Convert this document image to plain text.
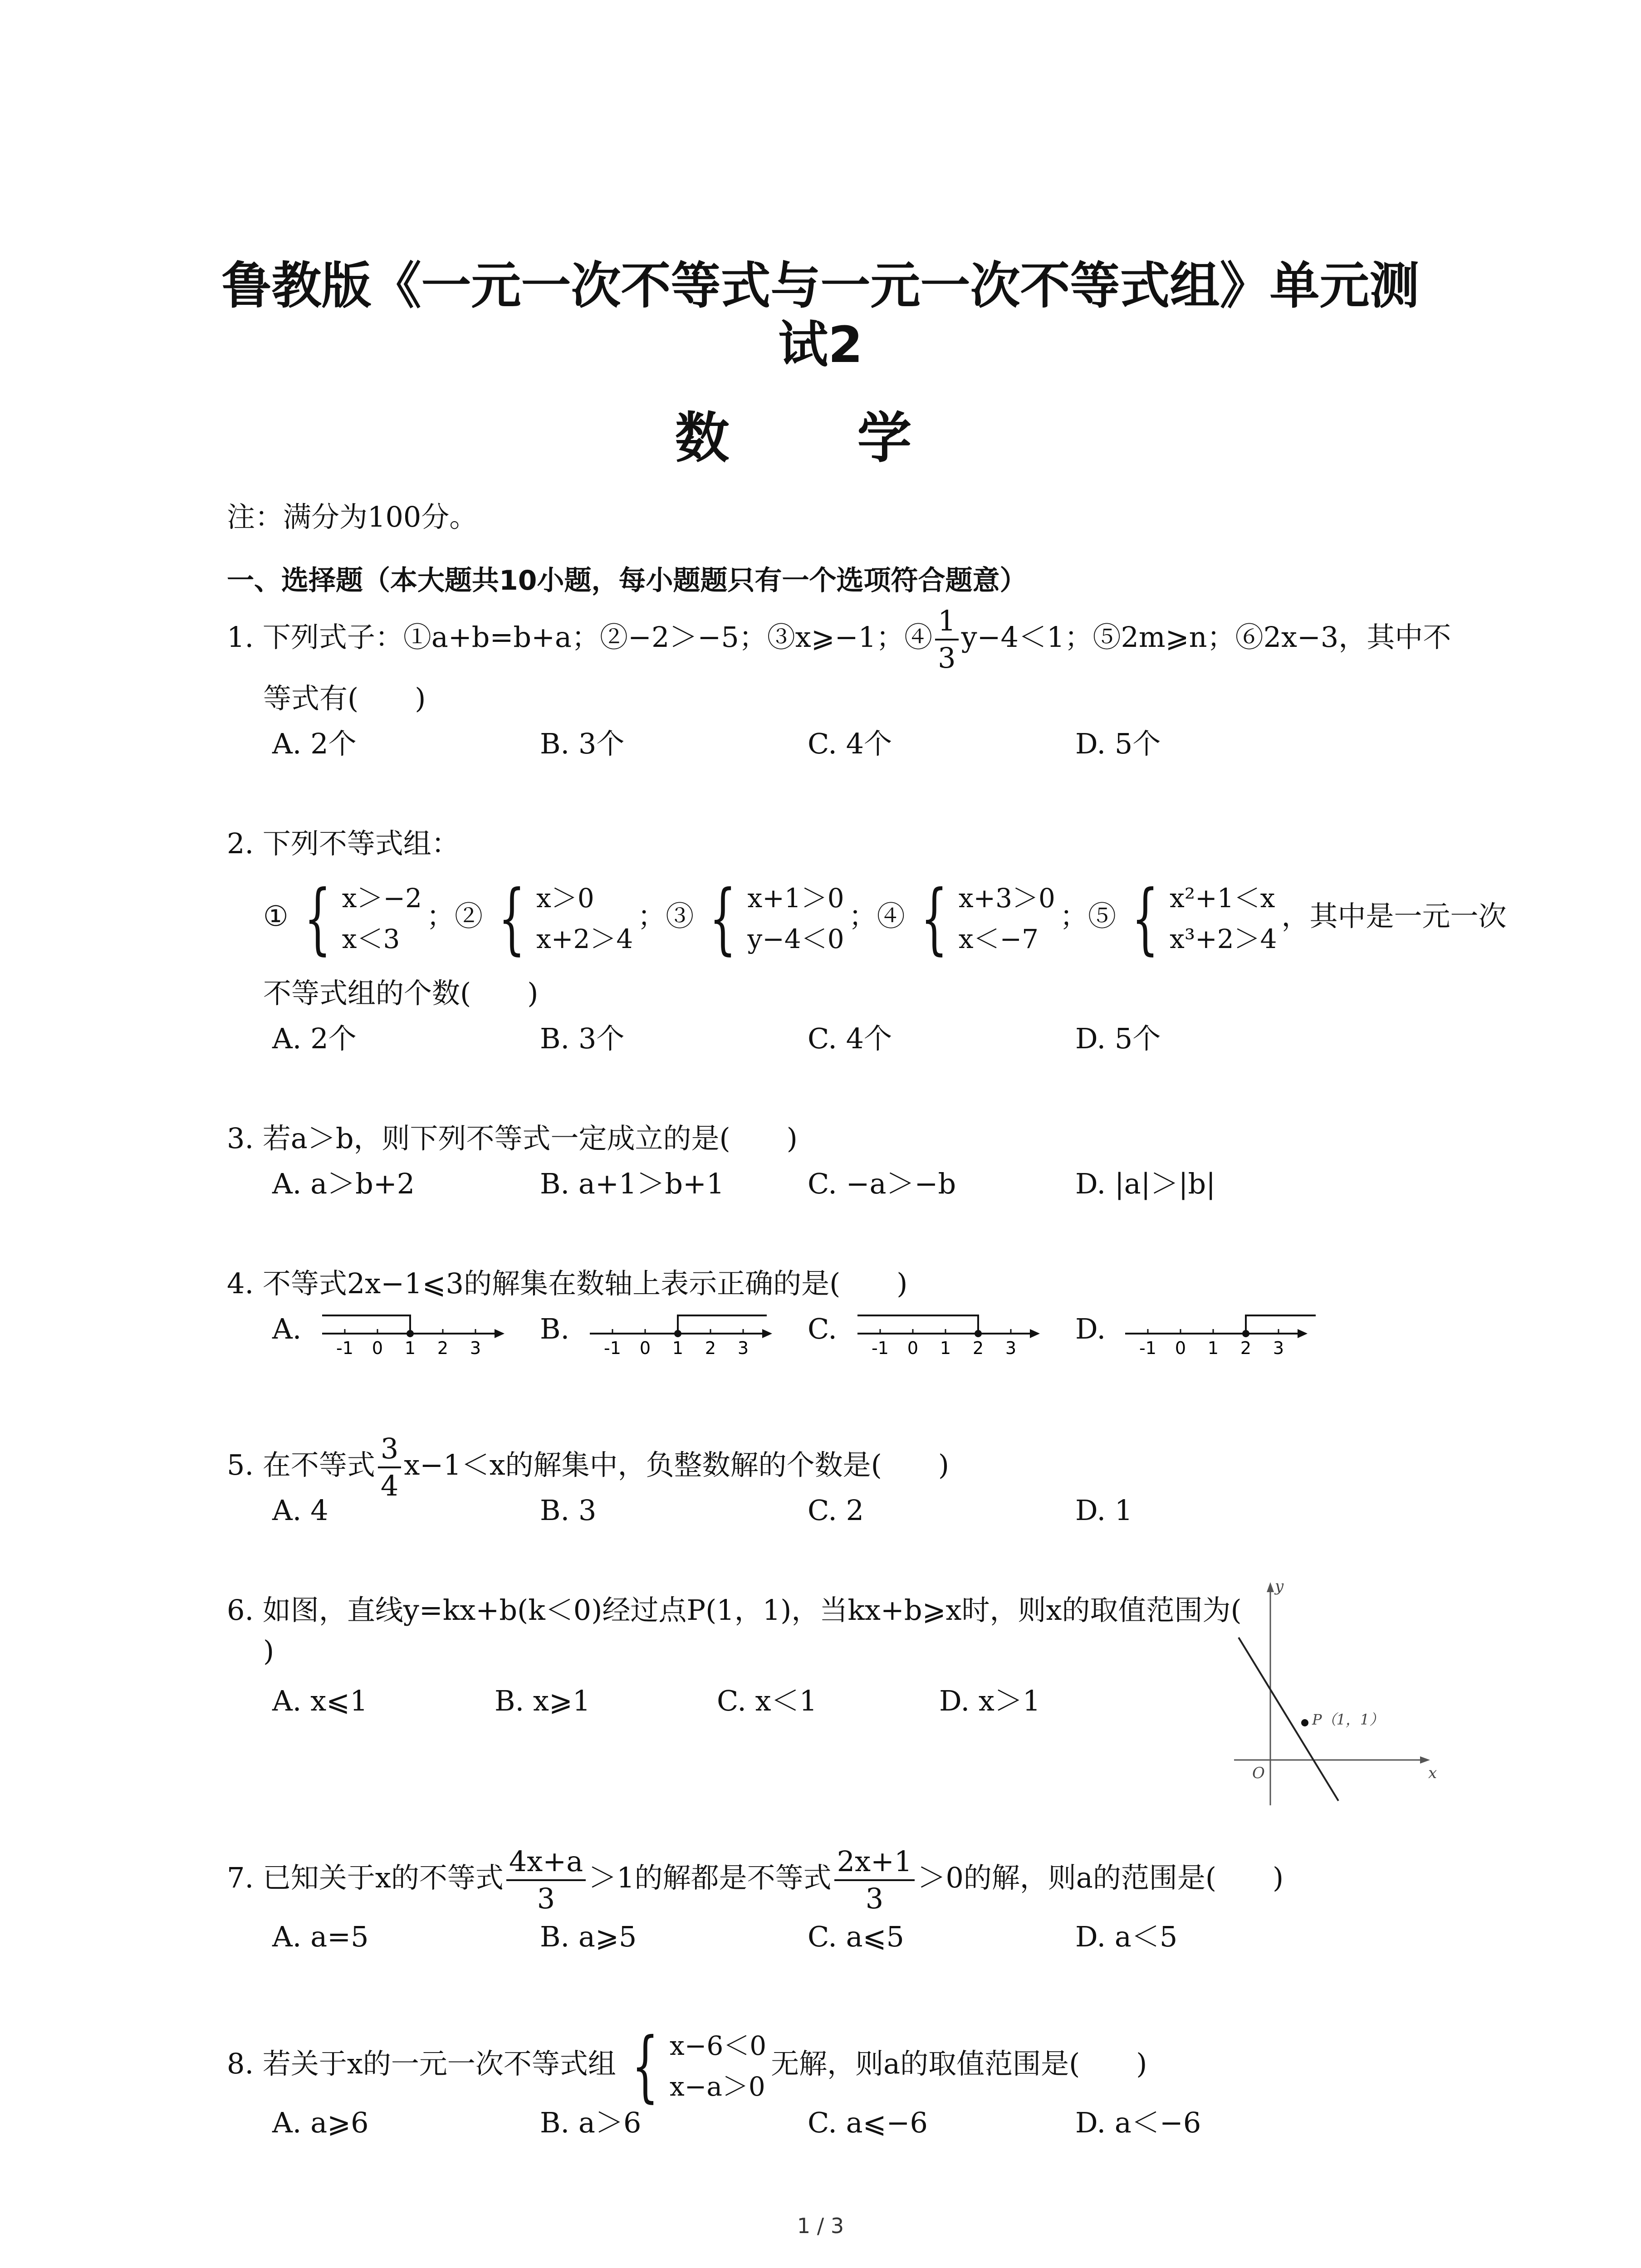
鲁教版《一元一次不等式与一元一次不等式组》单元测
试2
数 学
注：满分为100分。
一、选择题（本大题共10小题，每小题题只有一个选项符合题意）
1. 下列式子：①a+b=b+a；②−2＞−5；③x⩾−1；④ $\frac{1}{3} y-4<1$；⑤2m⩾n；⑥2x−3，其中不
等式有(　　)
A. 2个	B. 3个	C. 4个	D. 5个
2. 下列不等式组：
① { x＞−2
x＜3
；② { x＞0
x+2＞4
；③ { x+1＞0
y−4＜0
；④ { x+3＞0
x＜−7
；⑤ { x²+1＜x
x³+2＞4
，其中是一元一次
不等式组的个数(　　)
A. 2个	B. 3个	C. 4个	D. 5个
3. 若a＞b，则下列不等式一定成立的是(　　)
A. a＞b+2	B. a+1＞b+1	C. −a＞−b	D. |a|＞|b|
4. 不等式2x−1⩽3的解集在数轴上表示正确的是(　　)
A.	B.	C.	D.
-1 0 1 2 3	-1 0 1 2 3	-1 0 1 2 3	-1 0 1 2 3
5. 在不等式 $\frac{3}{4} x-1<x$的解集中，负整数解的个数是(　　)
A. 4	B. 3	C. 2	D. 1
6. 如图，直线y=kx+b(k＜0)经过点P(1，1)，当kx+b⩾x时，则x的取值范围为(
)
A. x⩽1	B. x⩾1	C. x＜1	D. x＞1
y
x
O
P（1，1）
7. 已知关于x的不等式 $\frac{4x+a}{3} >1$的解都是不等式 $\frac{2x+1}{3} >0$的解，则a的范围是(　　)
A. a=5	B. a⩾5	C. a⩽5	D. a＜5
8. 若关于x的一元一次不等式组 { x−6＜0
x−a＞0
无解，则a的取值范围是(　　)
A. a⩾6	B. a＞6	C. a⩽−6	D. a＜−6
1 / 3
